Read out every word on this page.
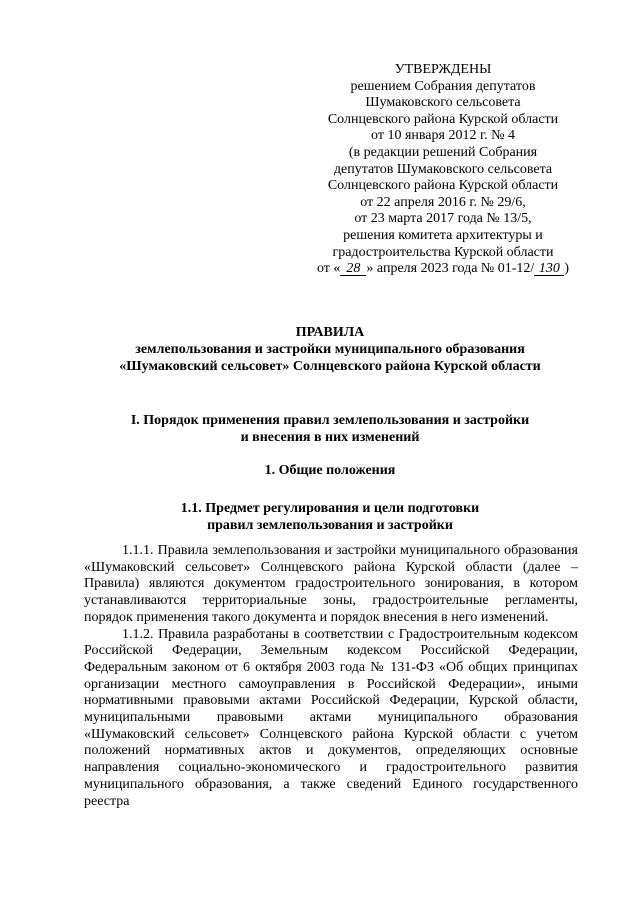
УТВЕРЖДЕНЫ
решением Собрания депутатов
Шумаковского сельсовета
Солнцевского района Курской области
от 10 января 2012 г. № 4
(в редакции решений Собрания
депутатов Шумаковского сельсовета
Солнцевского района Курской области
от 22 апреля 2016 г. № 29/6,
от 23 марта 2017 года № 13/5,
решения комитета архитектуры и
градостроительства Курской области
от « 28 » апреля 2023 года № 01-12/ 130 )
ПРАВИЛА
землепользования и застройки муниципального образования
«Шумаковский сельсовет» Солнцевского района Курской области
I. Порядок применения правил землепользования и застройки
и внесения в них изменений
1. Общие положения
1.1. Предмет регулирования и цели подготовки
правил землепользования и застройки

1.1.1. Правила землепользования и застройки муниципального образования «Шумаковский сельсовет» Солнцевского района Курской области (далее – Правила) являются документом градостроительного зонирования, в котором устанавливаются территориальные зоны, градостроительные регламенты, порядок применения такого документа и порядок внесения в него изменений.

1.1.2. Правила разработаны в соответствии с Градостроительным кодексом Российской Федерации, Земельным кодексом Российской Федерации, Федеральным законом от 6 октября 2003 года № 131-ФЗ «Об общих принципах организации местного самоуправления в Российской Федерации», иными нормативными правовыми актами Российской Федерации, Курской области, муниципальными правовыми актами муниципального образования «Шумаковский сельсовет» Солнцевского района Курской области с учетом положений нормативных актов и документов, определяющих основные направления социально-экономического и градостроительного развития муниципального образования, а также сведений Единого государственного реестра
